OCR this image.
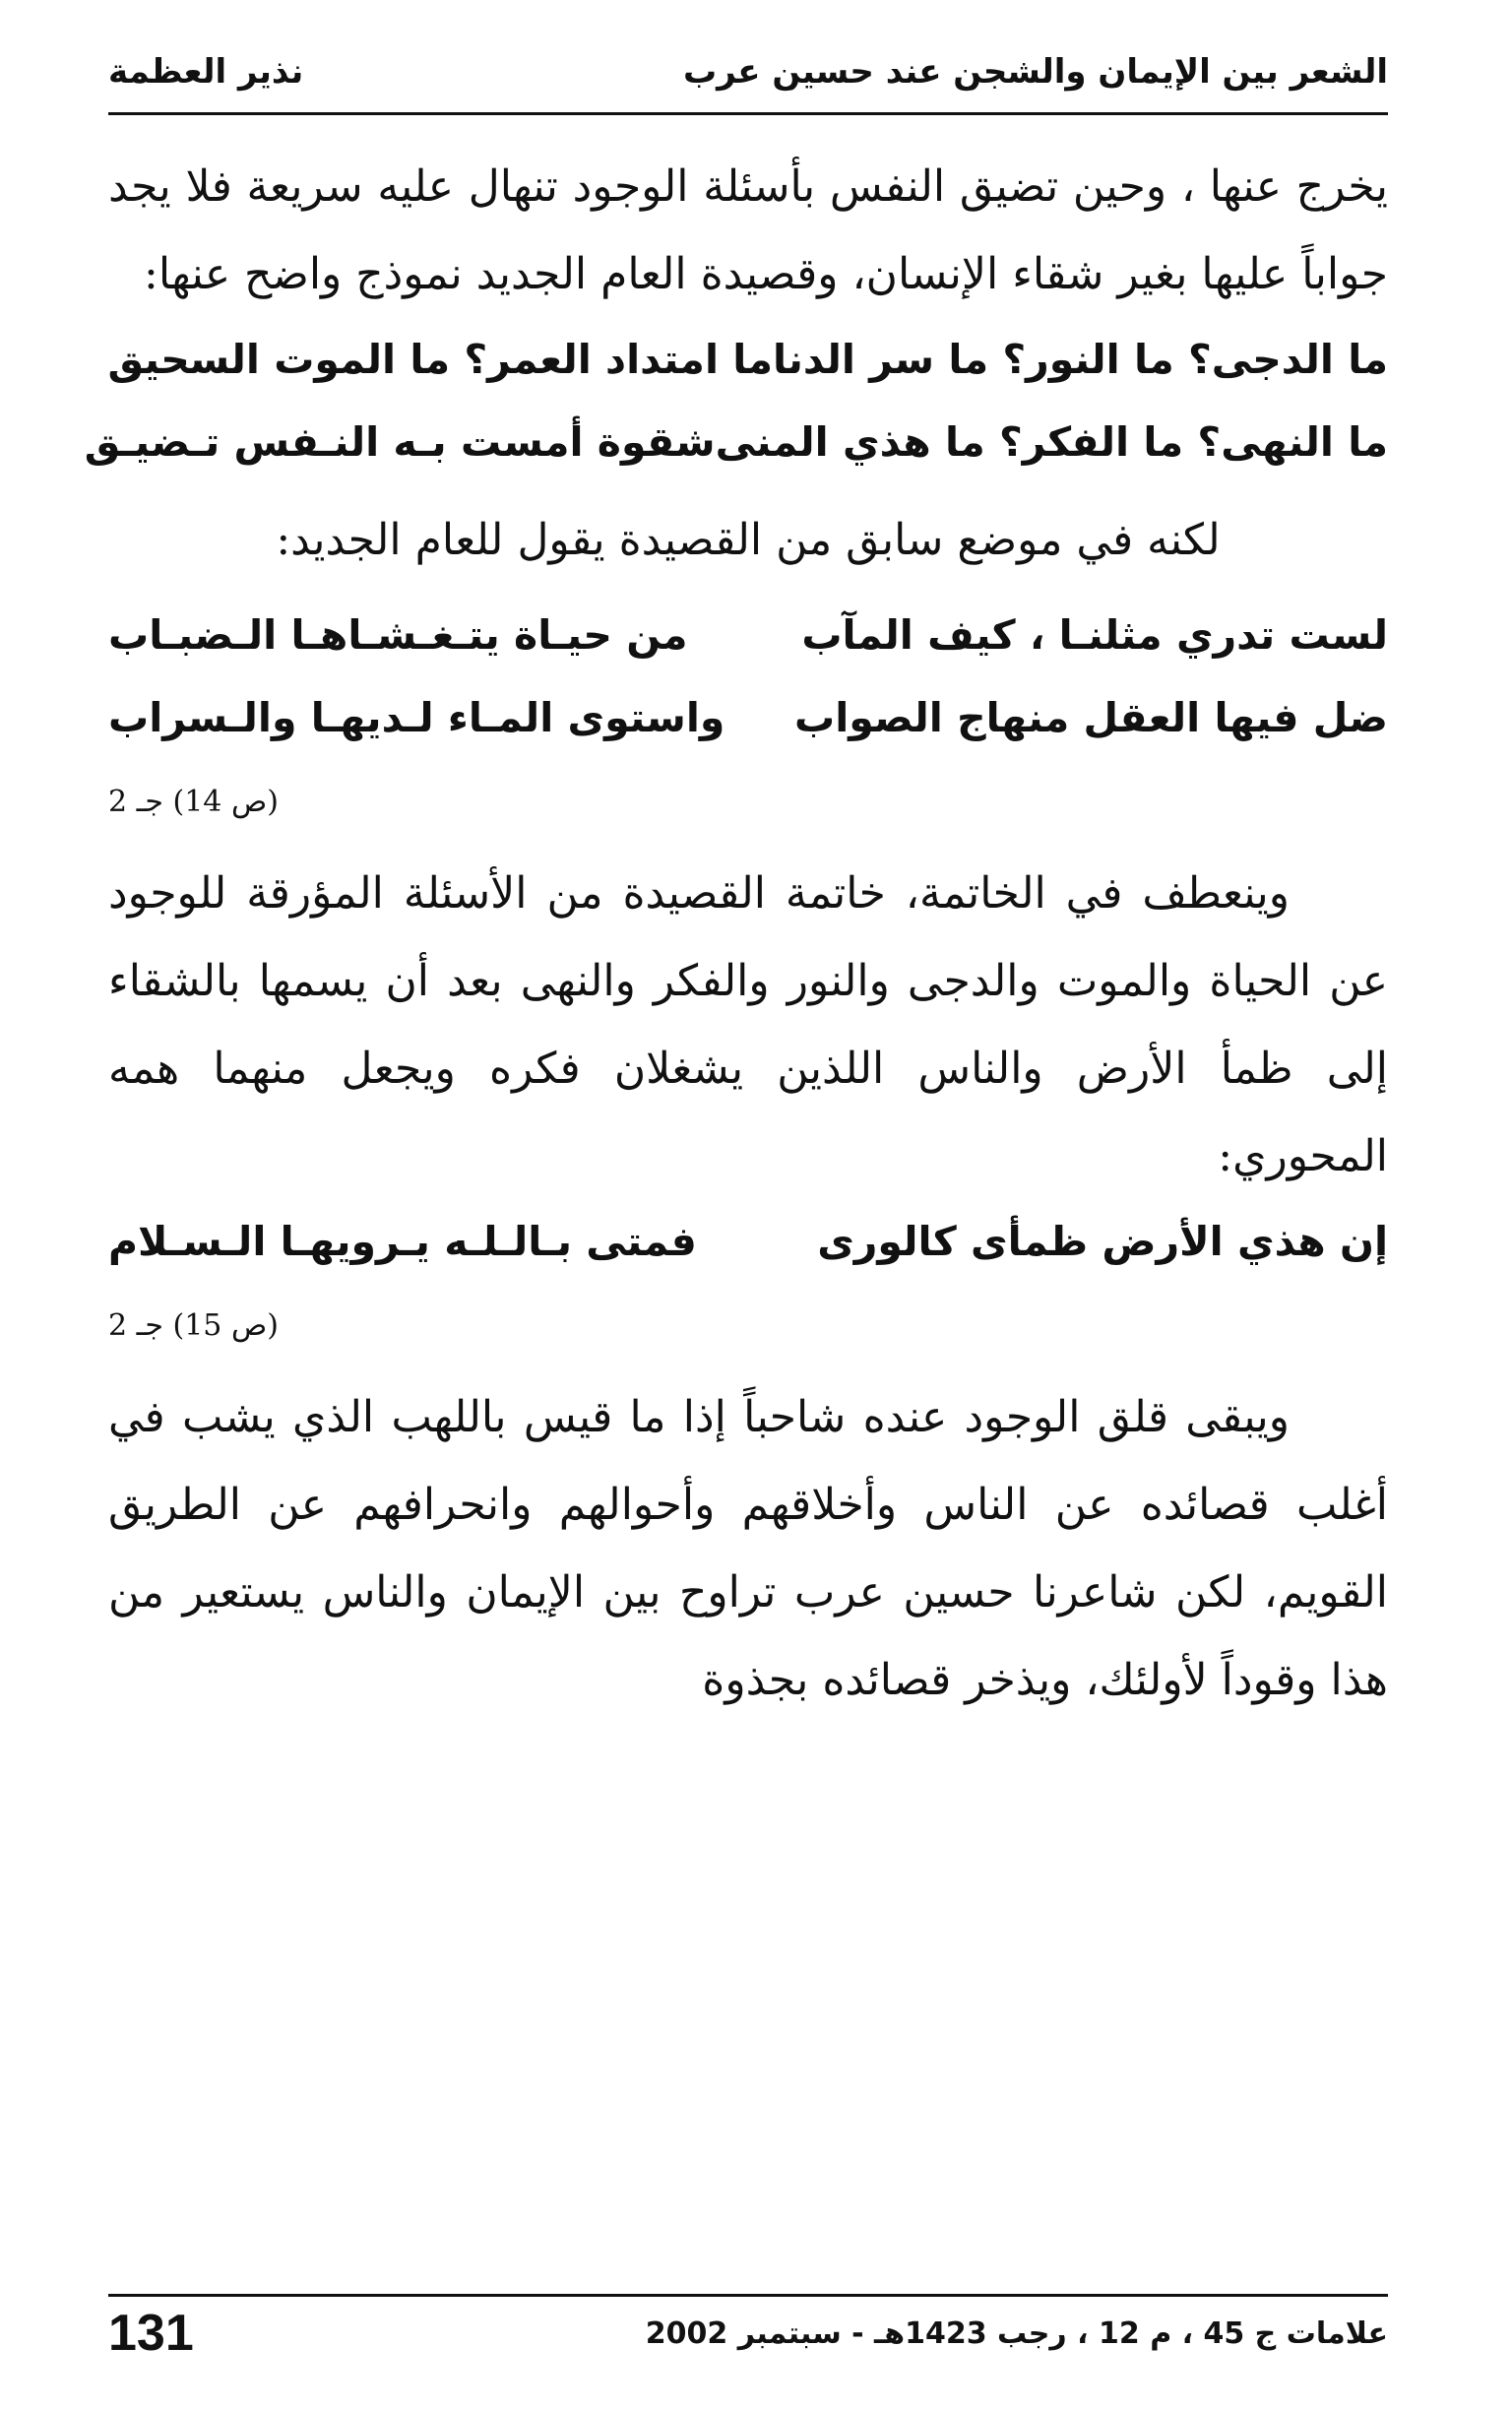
الشعر بين الإيمان والشجن عند حسين عرب
نذير العظمة

يخرج عنها ، وحين تضيق النفس بأسئلة الوجود تنهال عليه سريعة فلا يجد جواباً عليها بغير شقاء الإنسان، وقصيدة العام الجديد نموذج واضح عنها:

ما الدجى؟ ما النور؟ ما سر الدنا
ما امتداد العمر؟ ما الموت السحيق
ما النهى؟ ما الفكر؟ ما هذي المنى
شقوة أمست بـه النـفس تـضيـق

لكنه في موضع سابق من القصيدة يقول للعام الجديد:

لست تدري مثلنـا ، كيف المآب
من حيـاة يتـغـشـاهـا الـضبـاب
ضل فيها العقل منهاج الصواب
واستوى المـاء لـديهـا والـسراب
(ص 14) جـ 2

وينعطف في الخاتمة، خاتمة القصيدة من الأسئلة المؤرقة للوجود عن الحياة والموت والدجى والنور والفكر والنهى بعد أن يسمها بالشقاء إلى ظمأ الأرض والناس اللذين يشغلان فكره ويجعل منهما همه المحوري:

إن هذي الأرض ظمأى كالورى
فمتى بـالـلـه يـرويهـا الـسـلام
(ص 15) جـ 2

ويبقى قلق الوجود عنده شاحباً إذا ما قيس باللهب الذي يشب في أغلب قصائده عن الناس وأخلاقهم وأحوالهم وانحرافهم عن الطريق القويم، لكن شاعرنا حسين عرب تراوح بين الإيمان والناس يستعير من هذا وقوداً لأولئك، ويذخر قصائده بجذوة

علامات ج 45 ، م 12 ، رجب 1423هـ - سبتمبر 2002
131
